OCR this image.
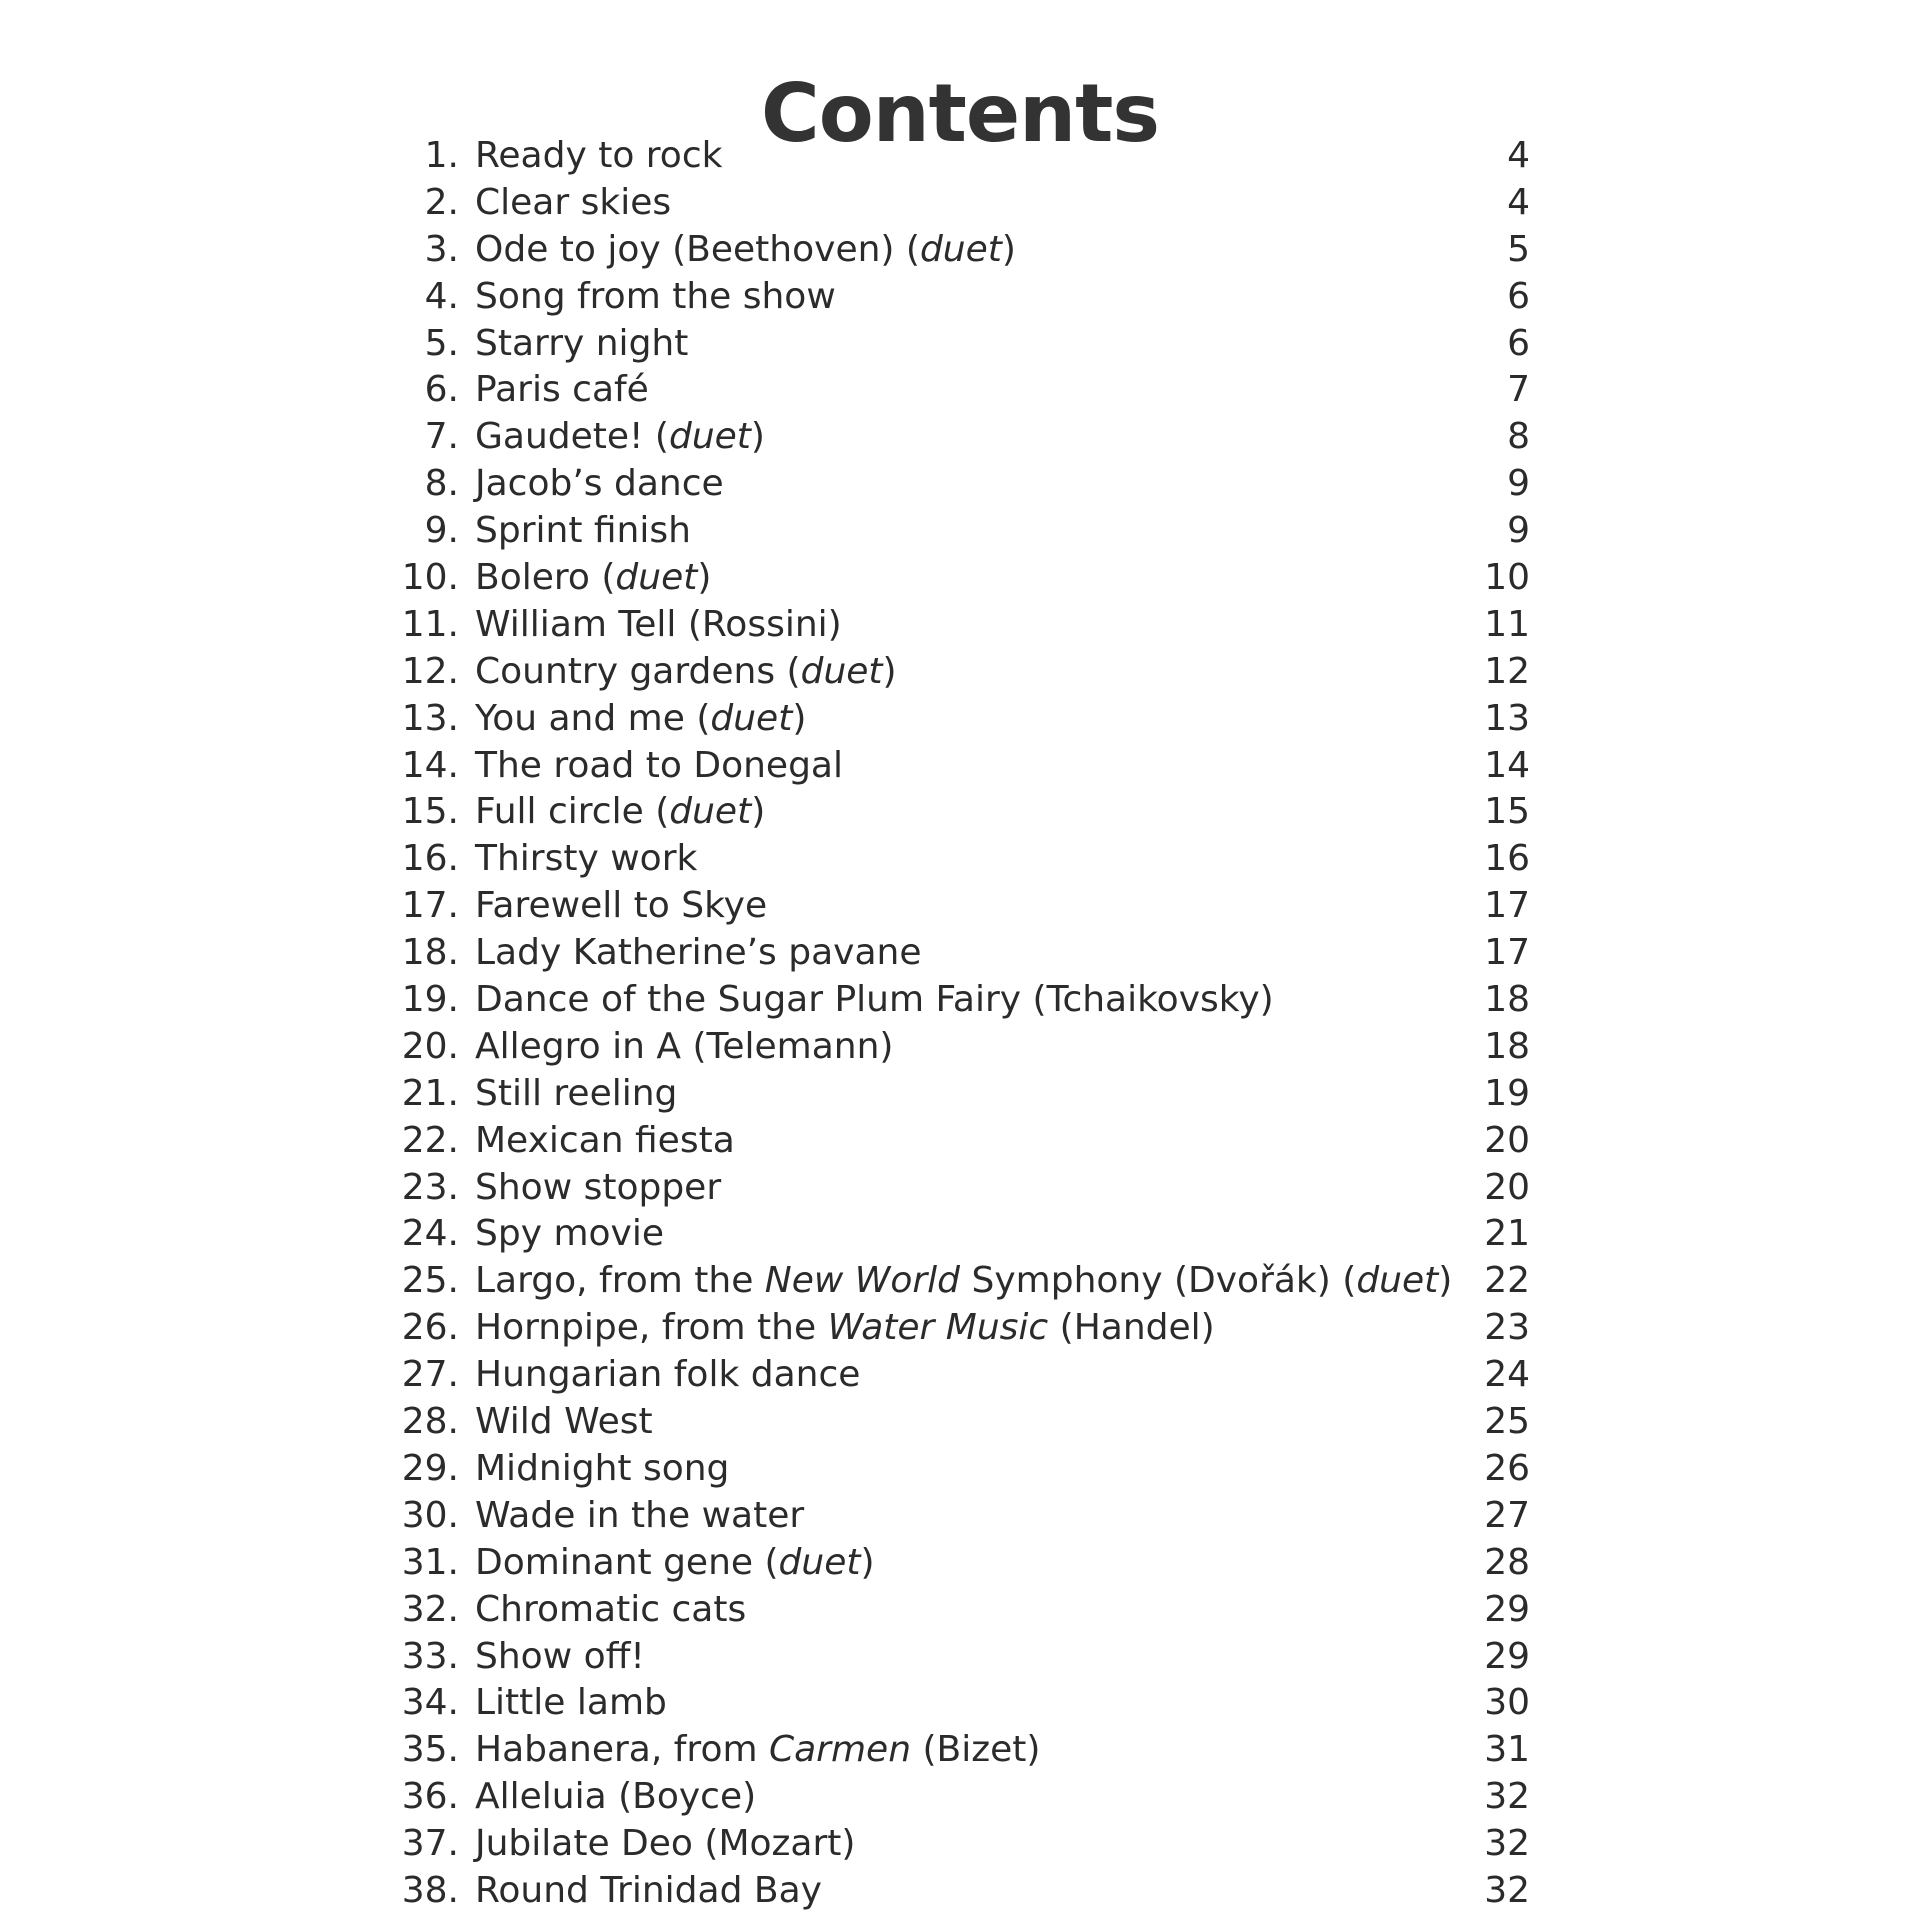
Contents
1. Ready to rock	4
2. Clear skies	4
3. Ode to joy (Beethoven) (duet)	5
4. Song from the show	6
5. Starry night	6
6. Paris café	7
7. Gaudete! (duet)	8
8. Jacob’s dance	9
9. Sprint finish	9
10. Bolero (duet)	10
11. William Tell (Rossini)	11
12. Country gardens (duet)	12
13. You and me (duet)	13
14. The road to Donegal	14
15. Full circle (duet)	15
16. Thirsty work	16
17. Farewell to Skye	17
18. Lady Katherine’s pavane	17
19. Dance of the Sugar Plum Fairy (Tchaikovsky)	18
20. Allegro in A (Telemann)	18
21. Still reeling	19
22. Mexican fiesta	20
23. Show stopper	20
24. Spy movie	21
25. Largo, from the New World Symphony (Dvořák) (duet) 22
26. Hornpipe, from the Water Music (Handel)	23
27. Hungarian folk dance	24
28. Wild West	25
29. Midnight song	26
30. Wade in the water	27
31. Dominant gene (duet)	28
32. Chromatic cats	29
33. Show off!	29
34. Little lamb	30
35. Habanera, from Carmen (Bizet)	31
36. Alleluia (Boyce)	32
37. Jubilate Deo (Mozart)	32
38. Round Trinidad Bay	32
